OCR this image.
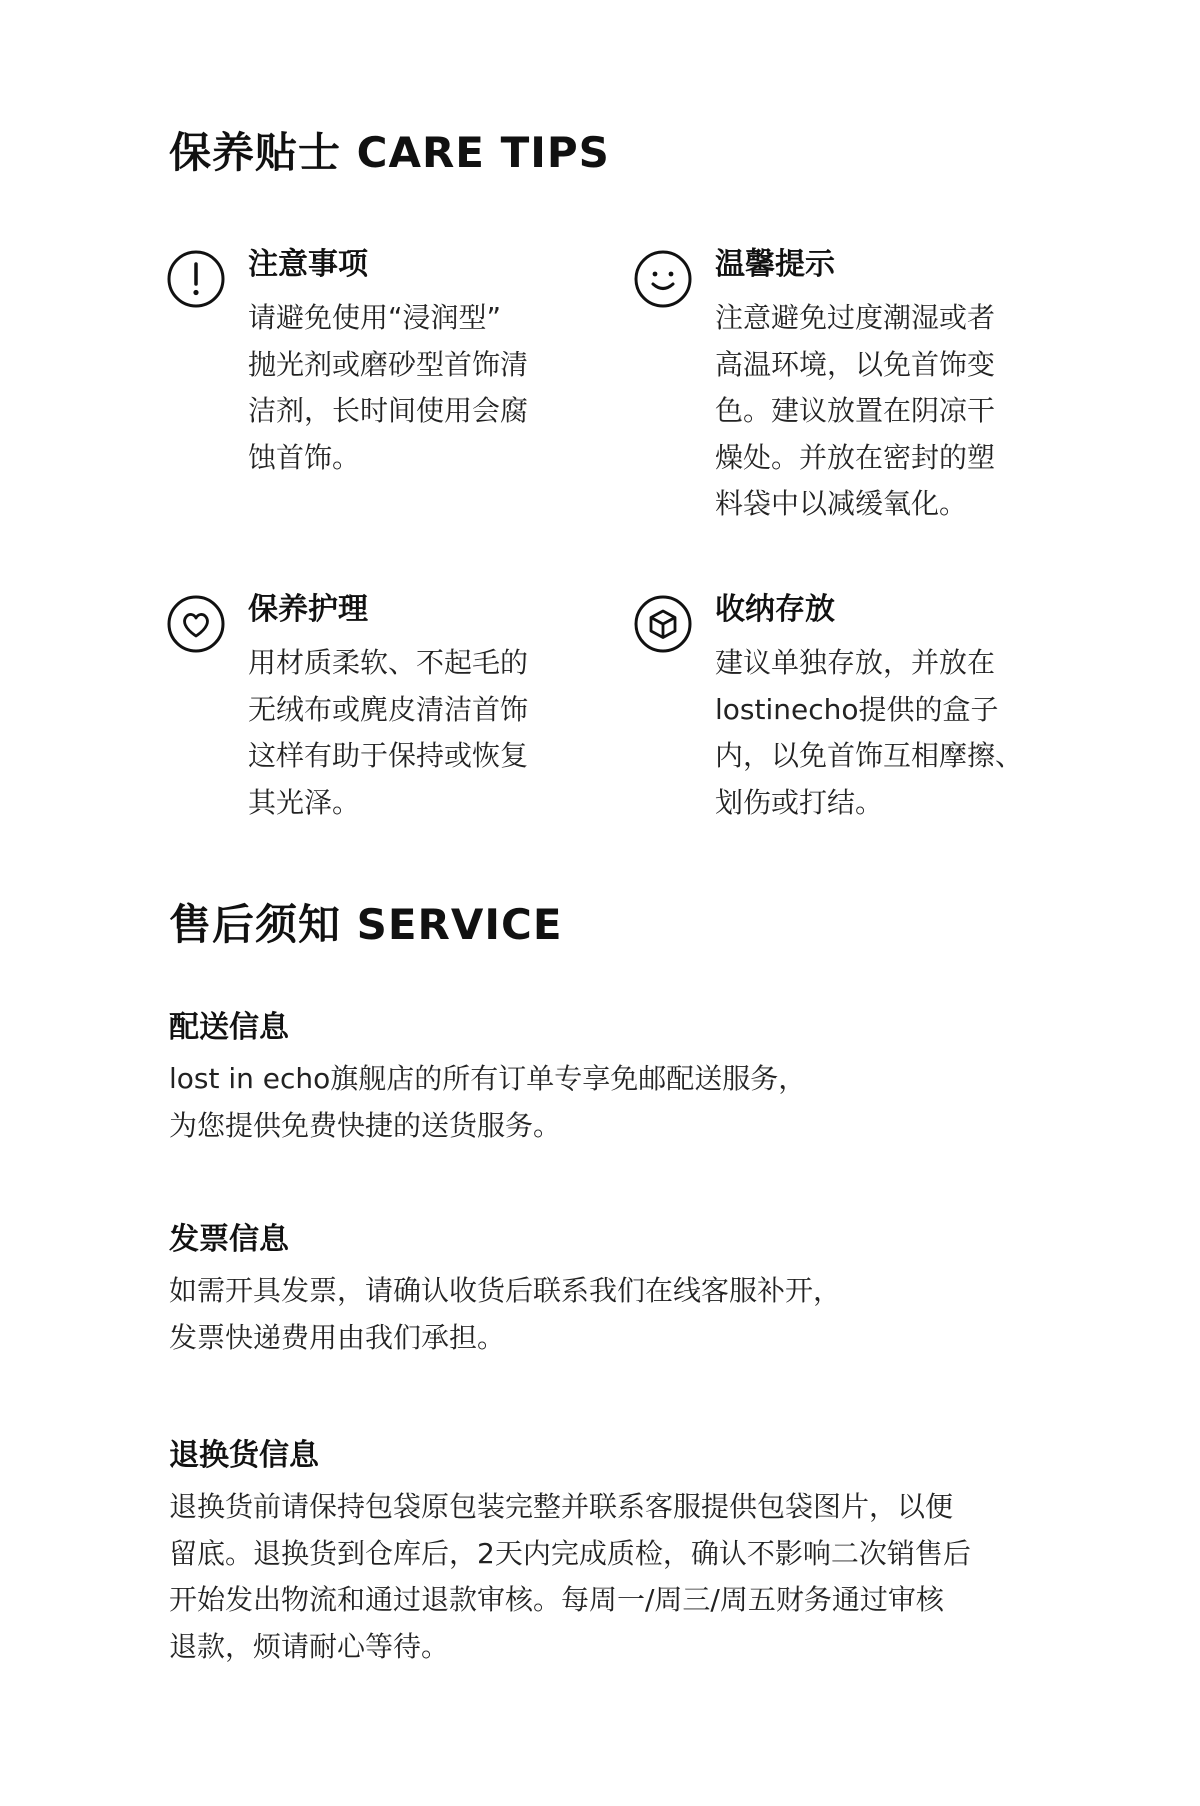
保养贴士 CARE TIPS
注意事项
请避免使用“浸润型”
抛光剂或磨砂型首饰清
洁剂，长时间使用会腐
蚀首饰。
温馨提示
注意避免过度潮湿或者
高温环境，以免首饰变
色。建议放置在阴凉干
燥处。并放在密封的塑
料袋中以减缓氧化。
保养护理
用材质柔软、不起毛的
无绒布或麂皮清洁首饰
这样有助于保持或恢复
其光泽。
收纳存放
建议单独存放，并放在
lostinecho提供的盒子
内，以免首饰互相摩擦、
划伤或打结。
售后须知 SERVICE
配送信息
lost in echo旗舰店的所有订单专享免邮配送服务，
为您提供免费快捷的送货服务。
发票信息
如需开具发票，请确认收货后联系我们在线客服补开，
发票快递费用由我们承担。
退换货信息
退换货前请保持包袋原包装完整并联系客服提供包袋图片，以便
留底。退换货到仓库后，2天内完成质检，确认不影响二次销售后
开始发出物流和通过退款审核。每周一/周三/周五财务通过审核
退款，烦请耐心等待。
